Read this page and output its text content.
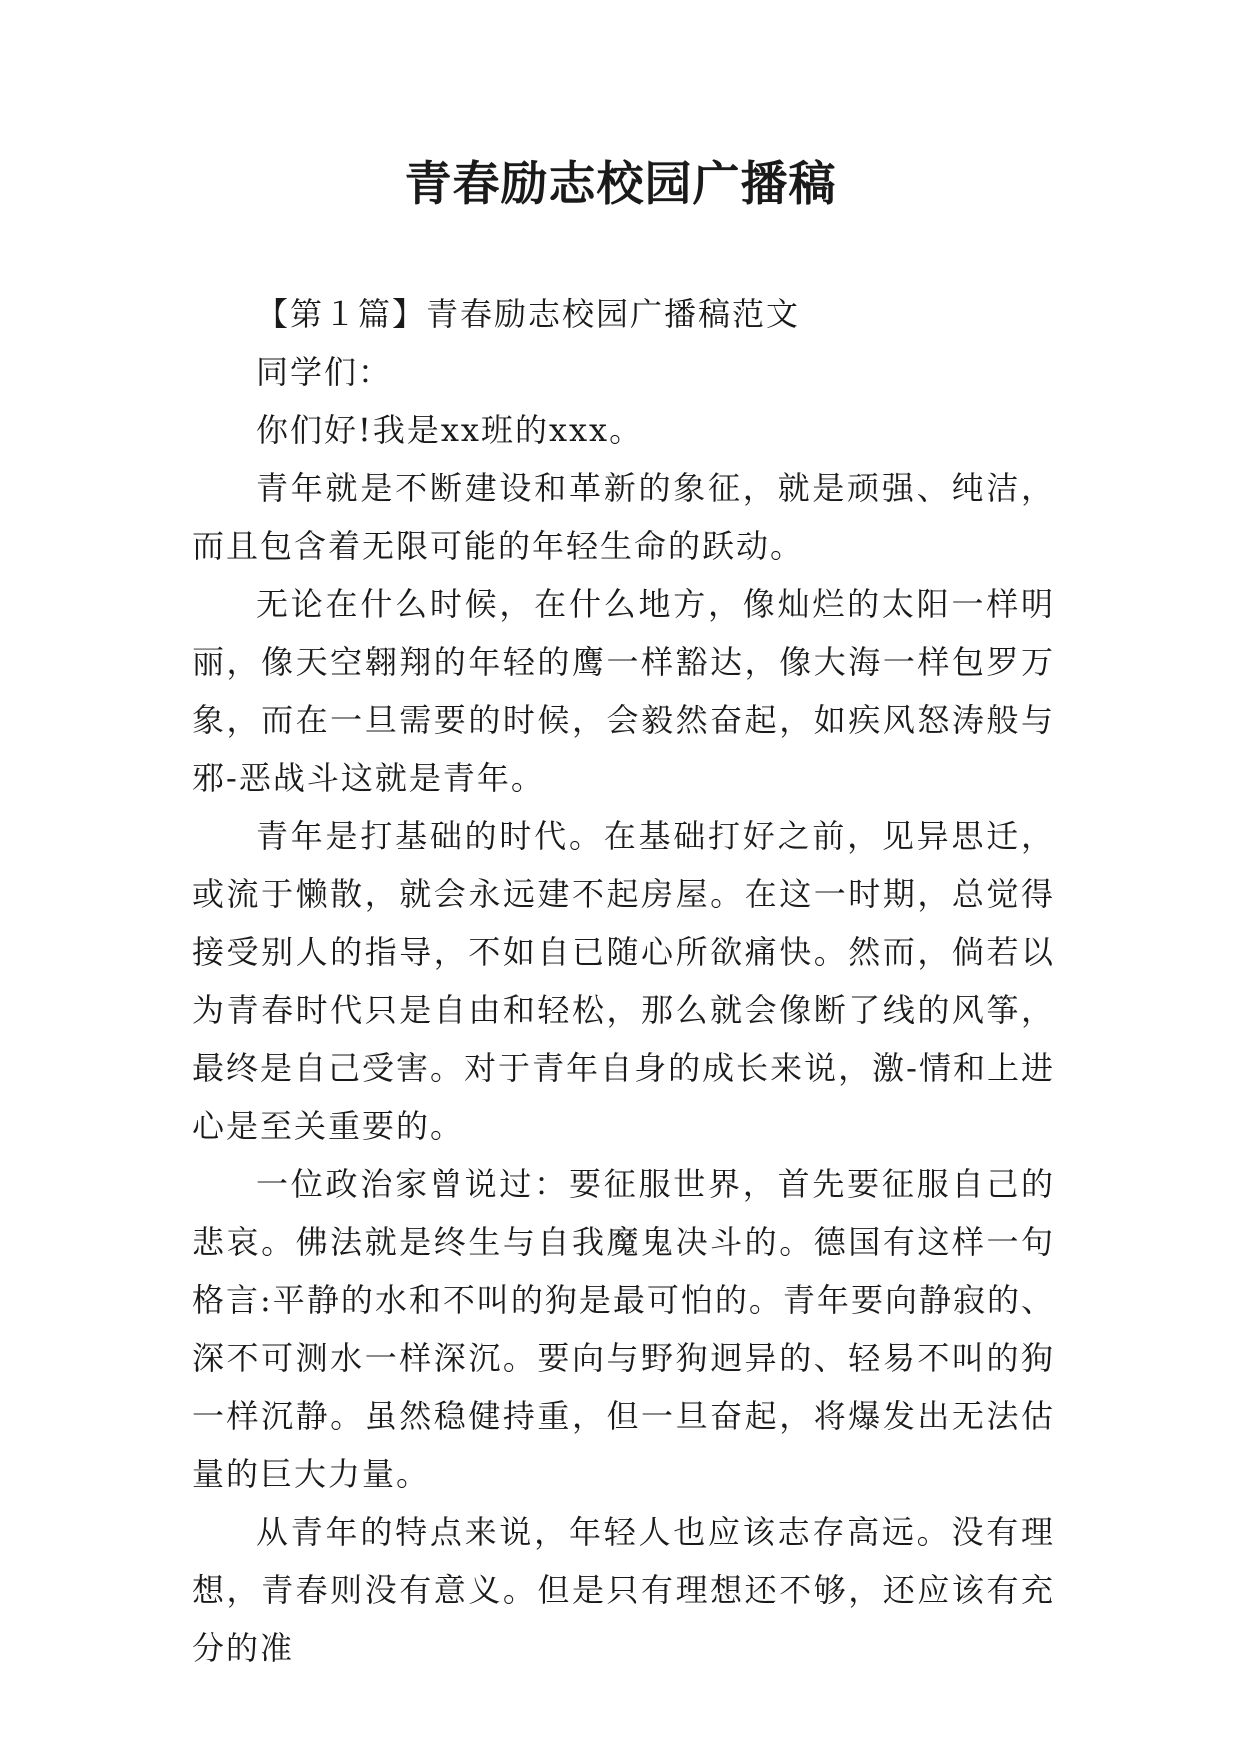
青春励志校园广播稿

【第１篇】青春励志校园广播稿范文

同学们：

你们好!我是xx班的xxx。

青年就是不断建设和革新的象征，就是顽强、纯洁，而且包含着无限可能的年轻生命的跃动。

无论在什么时候，在什么地方，像灿烂的太阳一样明丽，像天空翱翔的年轻的鹰一样豁达，像大海一样包罗万象，而在一旦需要的时候，会毅然奋起，如疾风怒涛般与邪-恶战斗这就是青年。

青年是打基础的时代。在基础打好之前，见异思迁，或流于懒散，就会永远建不起房屋。在这一时期，总觉得接受别人的指导，不如自已随心所欲痛快。然而，倘若以为青春时代只是自由和轻松，那么就会像断了线的风筝，最终是自己受害。对于青年自身的成长来说，激-情和上进心是至关重要的。

一位政治家曾说过：要征服世界，首先要征服自己的悲哀。佛法就是终生与自我魔鬼决斗的。德国有这样一句格言:平静的水和不叫的狗是最可怕的。青年要向静寂的、深不可测水一样深沉。要向与野狗迥异的、轻易不叫的狗一样沉静。虽然稳健持重，但一旦奋起，将爆发出无法估量的巨大力量。

从青年的特点来说，年轻人也应该志存高远。没有理想，青春则没有意义。但是只有理想还不够，还应该有充分的准
